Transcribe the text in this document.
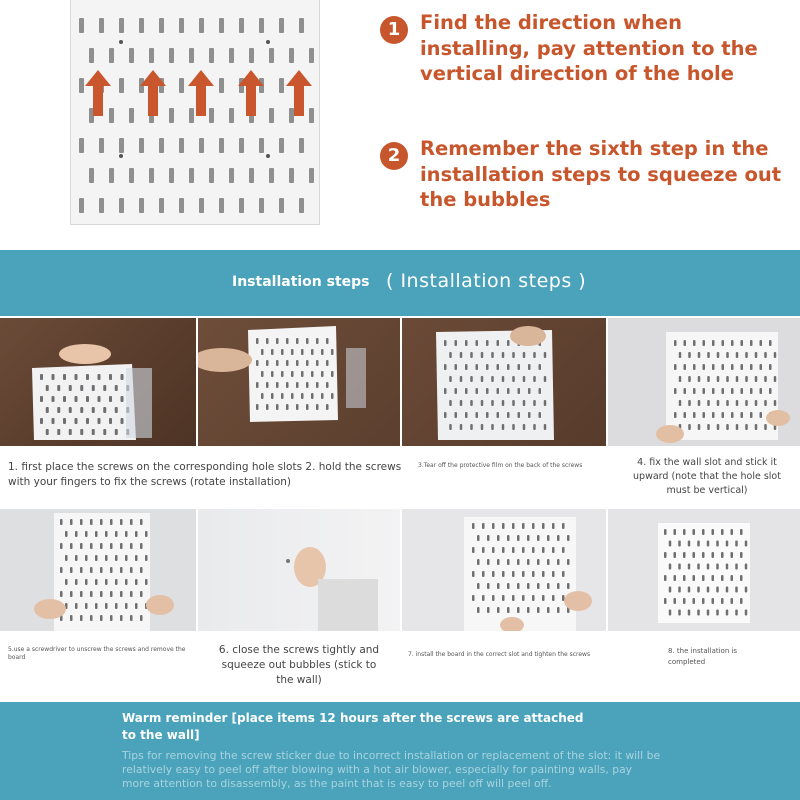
1	Find the direction when installing, pay attention to the vertical direction of the hole
2	Remember the sixth step in the installation steps to squeeze out the bubbles
Installation steps ( Installation steps )
1. first place the screws on the corresponding hole slots 2. hold the screws with your fingers to fix the screws (rotate installation)
3.Tear off the protective film on the back of the screws	4. fix the wall slot and stick it upward (note that the hole slot must be vertical)
5.use a screwdriver to unscrew the screws and remove the board
6. close the screws tightly and squeeze out bubbles (stick to the wall)
7. install the board in the correct slot and tighten the screws	8. the installation is completed
Warm reminder [place items 12 hours after the screws are attached to the wall]
Tips for removing the screw sticker due to incorrect installation or replacement of the slot: it will be relatively easy to peel off after blowing with a hot air blower, especially for painting walls, pay more attention to disassembly, as the paint that is easy to peel off will peel off.
